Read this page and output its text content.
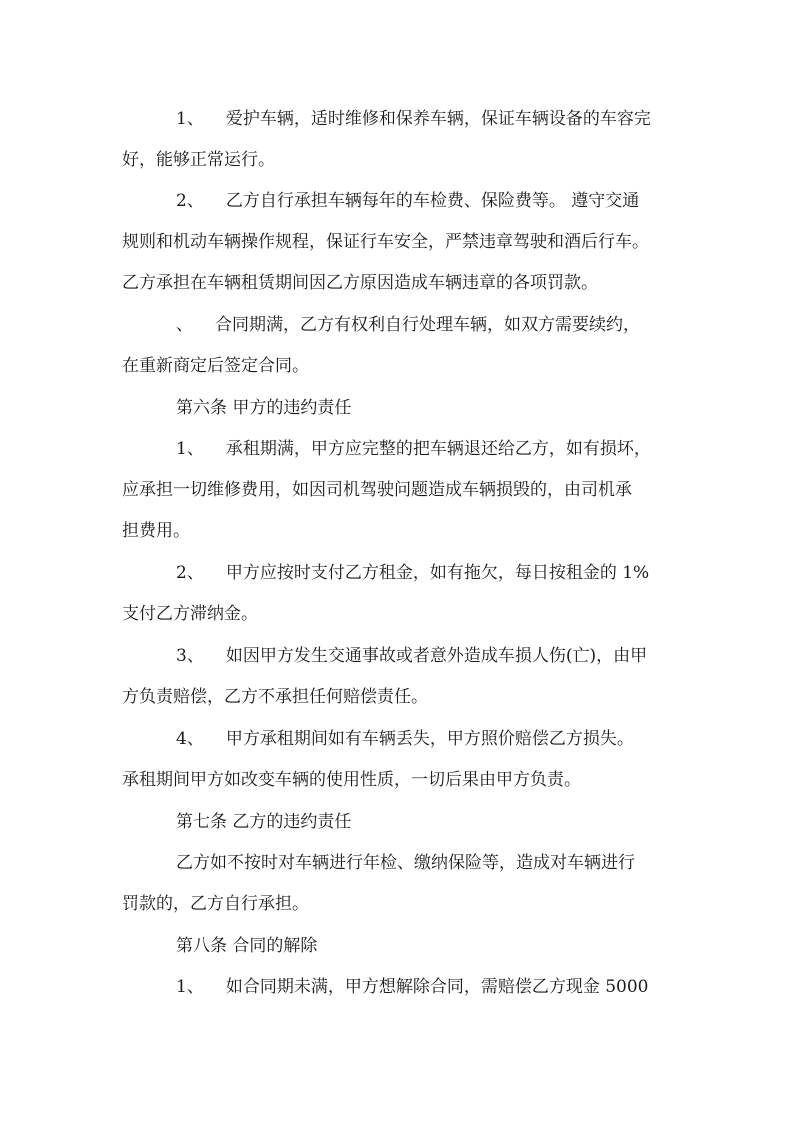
1、 爱护车辆，适时维修和保养车辆，保证车辆设备的车容完
好，能够正常运行。
2、 乙方自行承担车辆每年的车检费、保险费等。 遵守交通
规则和机动车辆操作规程，保证行车安全，严禁违章驾驶和酒后行车。
乙方承担在车辆租赁期间因乙方原因造成车辆违章的各项罚款。
、 合同期满，乙方有权利自行处理车辆，如双方需要续约，
在重新商定后签定合同。
第六条 甲方的违约责任
1、 承租期满，甲方应完整的把车辆退还给乙方，如有损坏，
应承担一切维修费用，如因司机驾驶问题造成车辆损毁的，由司机承
担费用。
2、 甲方应按时支付乙方租金，如有拖欠，每日按租金的 1%
支付乙方滞纳金。
3、 如因甲方发生交通事故或者意外造成车损人伤(亡)，由甲
方负责赔偿，乙方不承担任何赔偿责任。
4、 甲方承租期间如有车辆丢失，甲方照价赔偿乙方损失。
承租期间甲方如改变车辆的使用性质，一切后果由甲方负责。
第七条 乙方的违约责任
乙方如不按时对车辆进行年检、缴纳保险等，造成对车辆进行
罚款的，乙方自行承担。
第八条 合同的解除
1、 如合同期未满，甲方想解除合同，需赔偿乙方现金 5000
